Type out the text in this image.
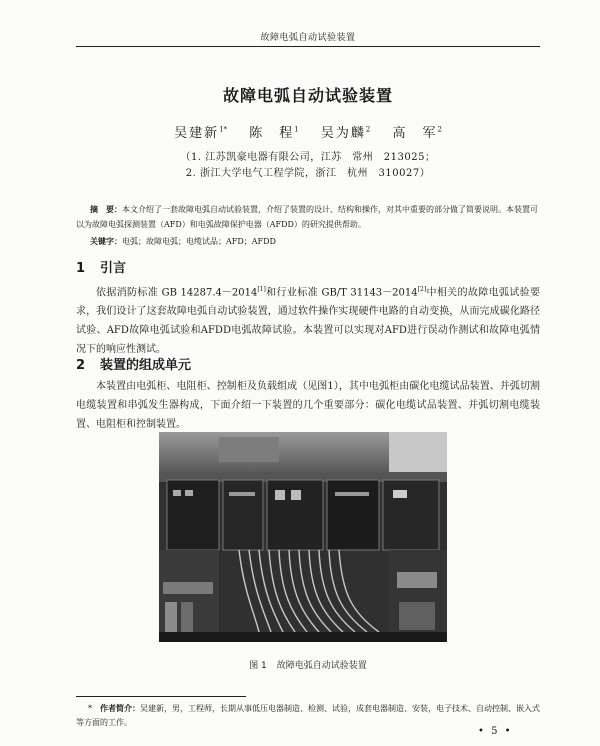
故障电弧自动试验装置
故障电弧自动试验装置
吴建新$^{1*}$ 陈　程$^1$ 吴为麟$^2$ 高　军$^2$
（1. 江苏凯豪电器有限公司，江苏　常州　213025；
2. 浙江大学电气工程学院，浙江　杭州　310027）
摘　要：本文介绍了一套故障电弧自动试验装置，介绍了装置的设计、结构和操作，对其中重要的部分做了简要说明。本装置可以为故障电弧探测装置（AFD）和电弧故障保护电器（AFDD）的研究提供帮助。
关键字：电弧；故障电弧；电缆试品；AFD；AFDD
1 引言
依据消防标准 GB 14287.4－2014[1]和行业标准 GB/T 31143－2014[2]中相关的故障电弧试验要求，我们设计了这套故障电弧自动试验装置，通过软件操作实现硬件电路的自动变换，从而完成碳化路径试验、AFD故障电弧试验和AFDD电弧故障试验。本装置可以实现对AFD进行误动作测试和故障电弧情况下的响应性测试。
2 装置的组成单元
本装置由电弧柜、电阻柜、控制柜及负载组成（见图1），其中电弧柜由碳化电缆试品装置、并弧切割电缆装置和串弧发生器构成，下面介绍一下装置的几个重要部分：碳化电缆试品装置、并弧切割电缆装置、电阻柜和控制装置。
图 1 故障电弧自动试验装置
*　作者简介：吴建新，男，工程师，长期从事低压电器制造、检测、试验，成套电器制造、安装，电子技术、自动控制、嵌入式等方面的工作。
• 5 •
